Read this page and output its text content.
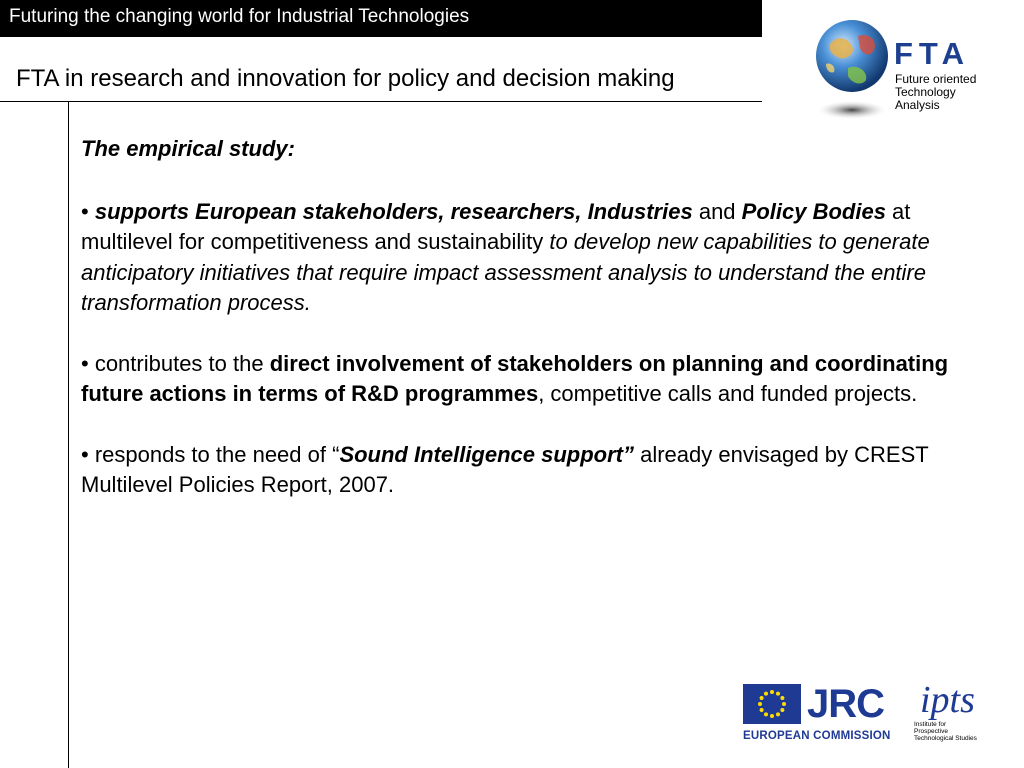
Futuring the changing world for Industrial Technologies
FTA in research and innovation for policy and decision making
FTA
Future oriented
Technology
Analysis

The empirical study:

• supports European stakeholders, researchers, Industries and Policy Bodies at multilevel for competitiveness and sustainability to develop new capabilities to generate anticipatory initiatives that require impact assessment analysis to understand the entire transformation process.

• contributes to the direct involvement of stakeholders on planning and coordinating future actions in terms of R&D programmes, competitive calls and funded projects.

• responds to the need of “Sound Intelligence support” already envisaged by CREST Multilevel Policies Report, 2007.

JRC
EUROPEAN COMMISSION
ipts
Institute for
Prospective
Technological Studies
